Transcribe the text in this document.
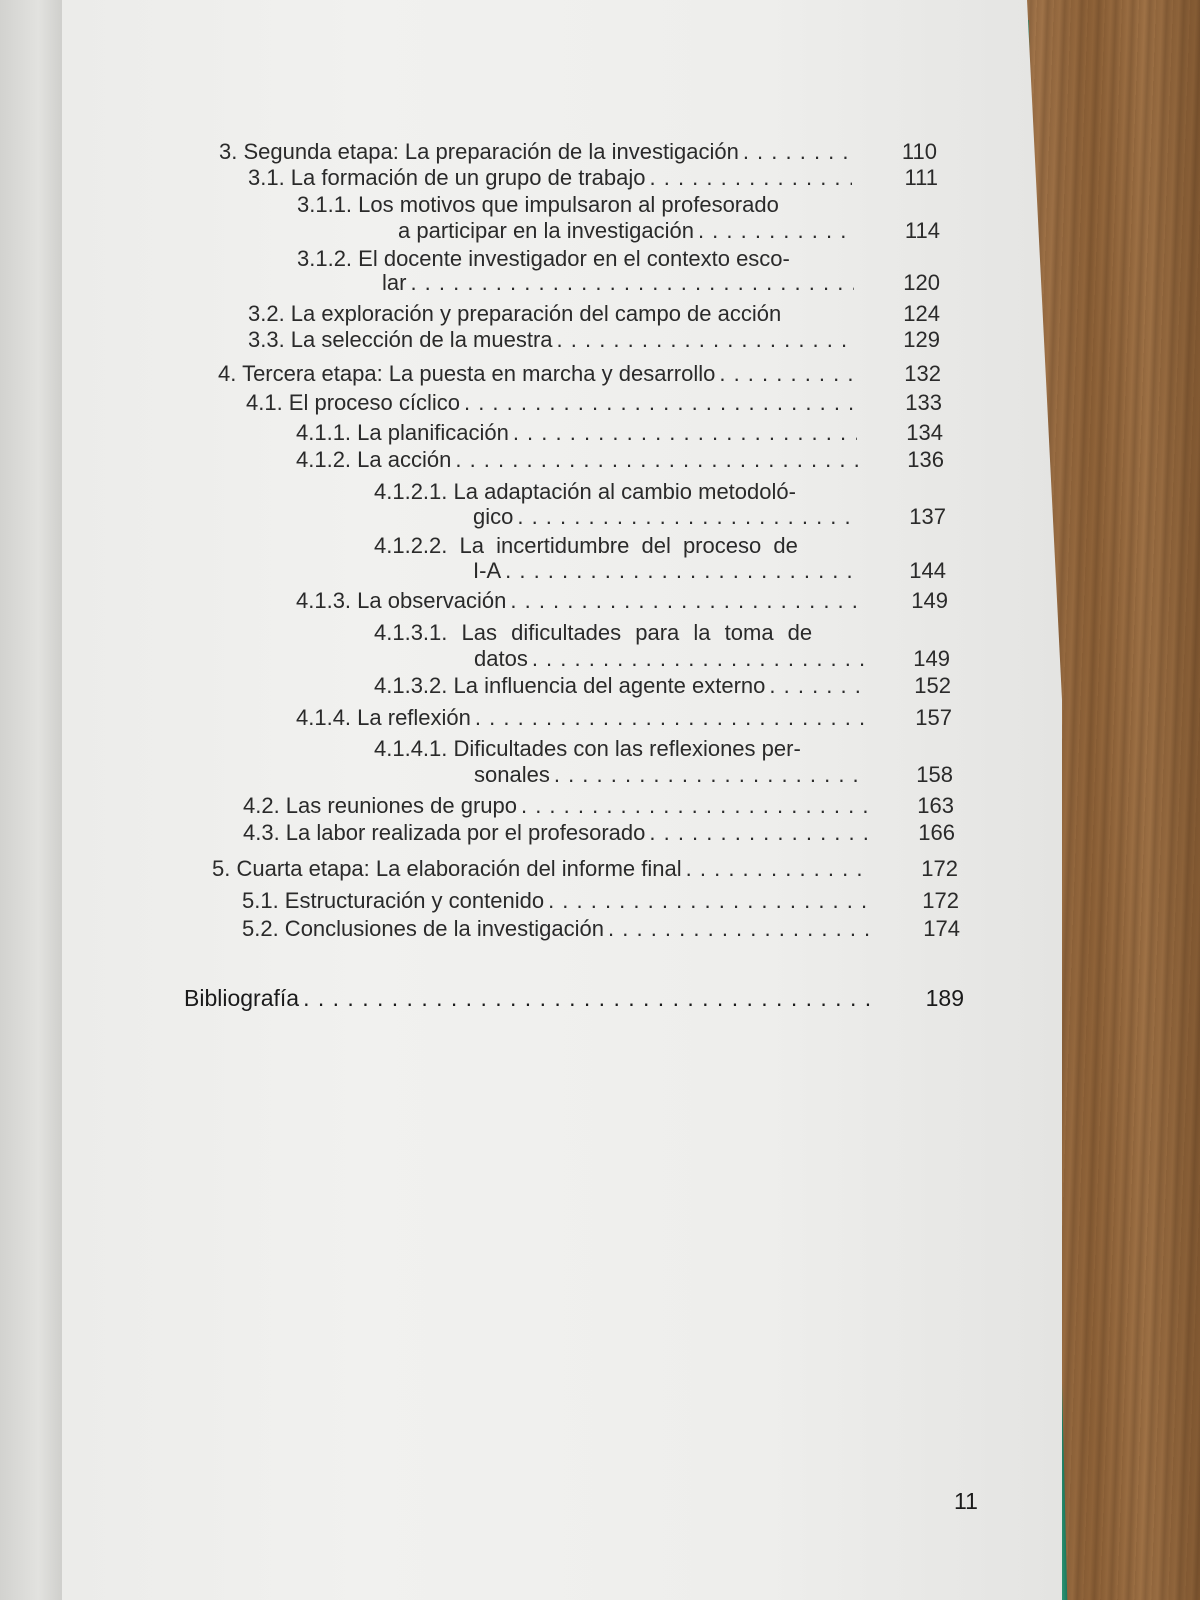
3. Segunda etapa: La preparación de la investigación . . .	110
3.1. La formación de un grupo de trabajo . . .	111
3.1.1. Los motivos que impulsaron al profesorado
a participar en la investigación . . .	114
3.1.2. El docente investigador en el contexto esco-
lar . . .	120
3.2. La exploración y preparación del campo de acción	124
3.3. La selección de la muestra . . .	129
4. Tercera etapa: La puesta en marcha y desarrollo . . .	132
4.1. El proceso cíclico . . .	133
4.1.1. La planificación . . .	134
4.1.2. La acción . . .	136
4.1.2.1. La adaptación al cambio metodoló-
gico . . .	137
4.1.2.2. La incertidumbre del proceso de
I-A . . .	144
4.1.3. La observación . . .	149
4.1.3.1. Las dificultades para la toma de
datos . . .	149
4.1.3.2. La influencia del agente externo . . .	152
4.1.4. La reflexión . . .	157
4.1.4.1. Dificultades con las reflexiones per-
sonales . . .	158
4.2. Las reuniones de grupo . . .	163
4.3. La labor realizada por el profesorado . . .	166
5. Cuarta etapa: La elaboración del informe final . . .	172
5.1. Estructuración y contenido . . .	172
5.2. Conclusiones de la investigación . . .	174
Bibliografía . . .	189
11
